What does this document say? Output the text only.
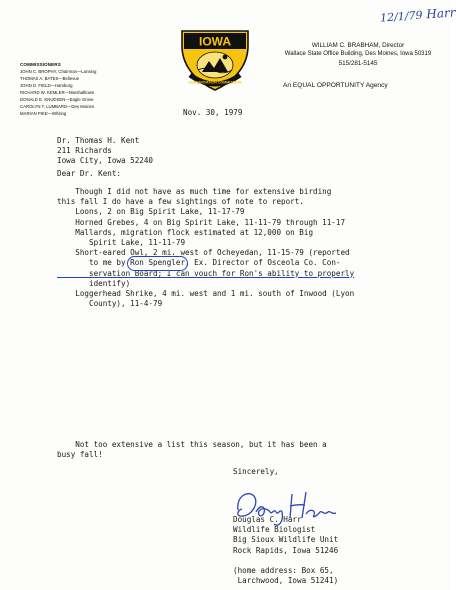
12/1/79 Harr
COMMISSIONERS
JOHN C. BROPHY, Chairman—Lansing
THOMAS A. BATES—Bellevue
JOHN D. FIELD—Hamburg
RICHARD W. KEMLER—Marshalltown
DONALD E. KNUDSEN—Eagle Grove
CAROLYN T. LUMBARD—Des Moines
MARIAN PIKE—Whiting
IOWA
CONSERVATION COMMISSION
WILLIAM C. BRABHAM, Director
Wallace State Office Building, Des Moines, Iowa 50319
515/281-5145
An EQUAL OPPORTUNITY Agency
Nov. 30, 1979
Dr. Thomas H. Kent
211 Richards
Iowa City, Iowa 52240
Dear Dr. Kent:
Though I did not have as much time for extensive birding
this fall I do have a few sightings of note to report.
Loons, 2 on Big Spirit Lake, 11-17-79
Horned Grebes, 4 on Big Spirit Lake, 11-11-79 through 11-17
Mallards, migration flock estimated at 12,000 on Big
Spirit Lake, 11-11-79
Short-eared Owl, 2 mi. west of Ocheyedan, 11-15-79 (reported
to me by Ron Spengler, Ex. Director of Osceola Co. Con-
servation Board; I can vouch for Ron's ability to properly
identify)
Loggerhead Shrike, 4 mi. west and 1 mi. south of Inwood (Lyon
County), 11-4-79
Not too extensive a list this season, but it has been a
busy fall!
Sincerely,
Douglas C. Harr
Wildlife Biologist
Big Sioux Wildlife Unit
Rock Rapids, Iowa 51246

(home address: Box 65,
Larchwood, Iowa 51241)
